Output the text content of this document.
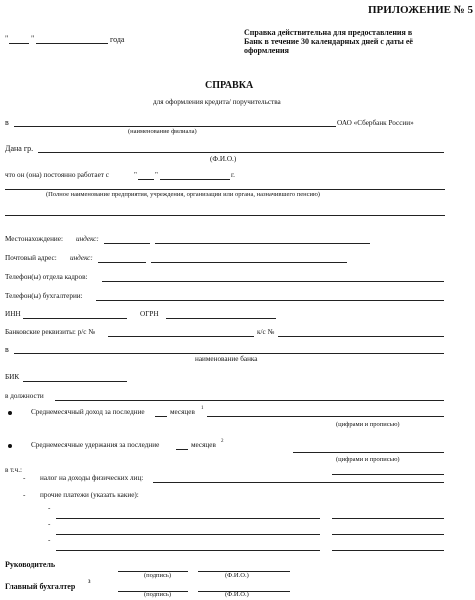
ПРИЛОЖЕНИЕ № 5
Справка действительна для предоставления в
Банк в течение 30 календарных дней с даты её
оформления
"	"	года
СПРАВКА
для оформления кредита/ поручительства
в	ОАО «Сбербанк России»
(наименование филиала)
Дана гр.
(Ф.И.О.)
что он (она) постоянно работает с	"	"	г.
(Полное наименование предприятия, учреждения, организации или органа, назначившего пенсию)
Местонахождение: индекс:
Почтовый адрес: индекс:
Телефон(ы) отдела кадров:
Телефон(ы) бухгалтерии:
ИНН	ОГРН
Банковские реквизиты: р/с №	к/с №
в
наименование банка
БИК
в должности
Среднемесячный доход за последние	месяцев 1
(цифрами и прописью)
Среднемесячные удержания за последние	месяцев 2
(цифрами и прописью)
в т.ч.:
- налог на доходы физических лиц:
- прочие платежи (указать какие):
-
-
-
Руководитель
(подпись)	(Ф.И.О.)
Главный бухгалтер	3
(подпись)	(Ф.И.О.)
